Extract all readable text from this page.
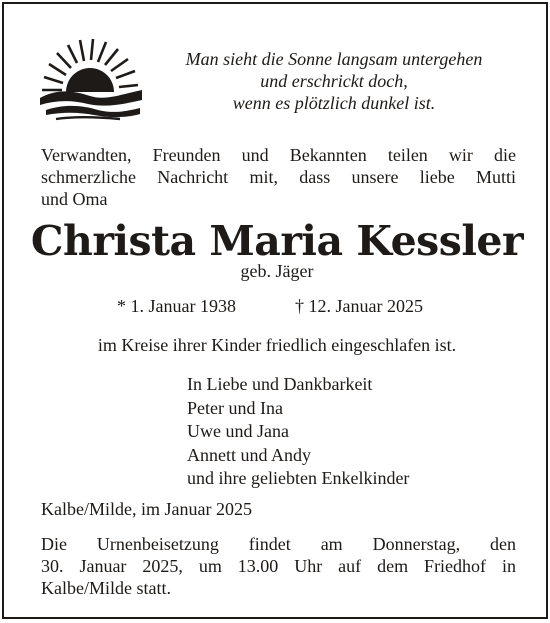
Man sieht die Sonne langsam untergehen
und erschrickt doch,
wenn es plötzlich dunkel ist.
Verwandten, Freunden und Bekannten teilen wir die
schmerzliche Nachricht mit, dass unsere liebe Mutti
und Oma
Christa Maria Kessler
geb. Jäger
* 1. Januar 1938	† 12. Januar 2025
im Kreise ihrer Kinder friedlich eingeschlafen ist.
In Liebe und Dankbarkeit
Peter und Ina
Uwe und Jana
Annett und Andy
und ihre geliebten Enkelkinder
Kalbe/Milde, im Januar 2025
Die Urnenbeisetzung findet am Donnerstag, den
30. Januar 2025, um 13.00 Uhr auf dem Friedhof in
Kalbe/Milde statt.
